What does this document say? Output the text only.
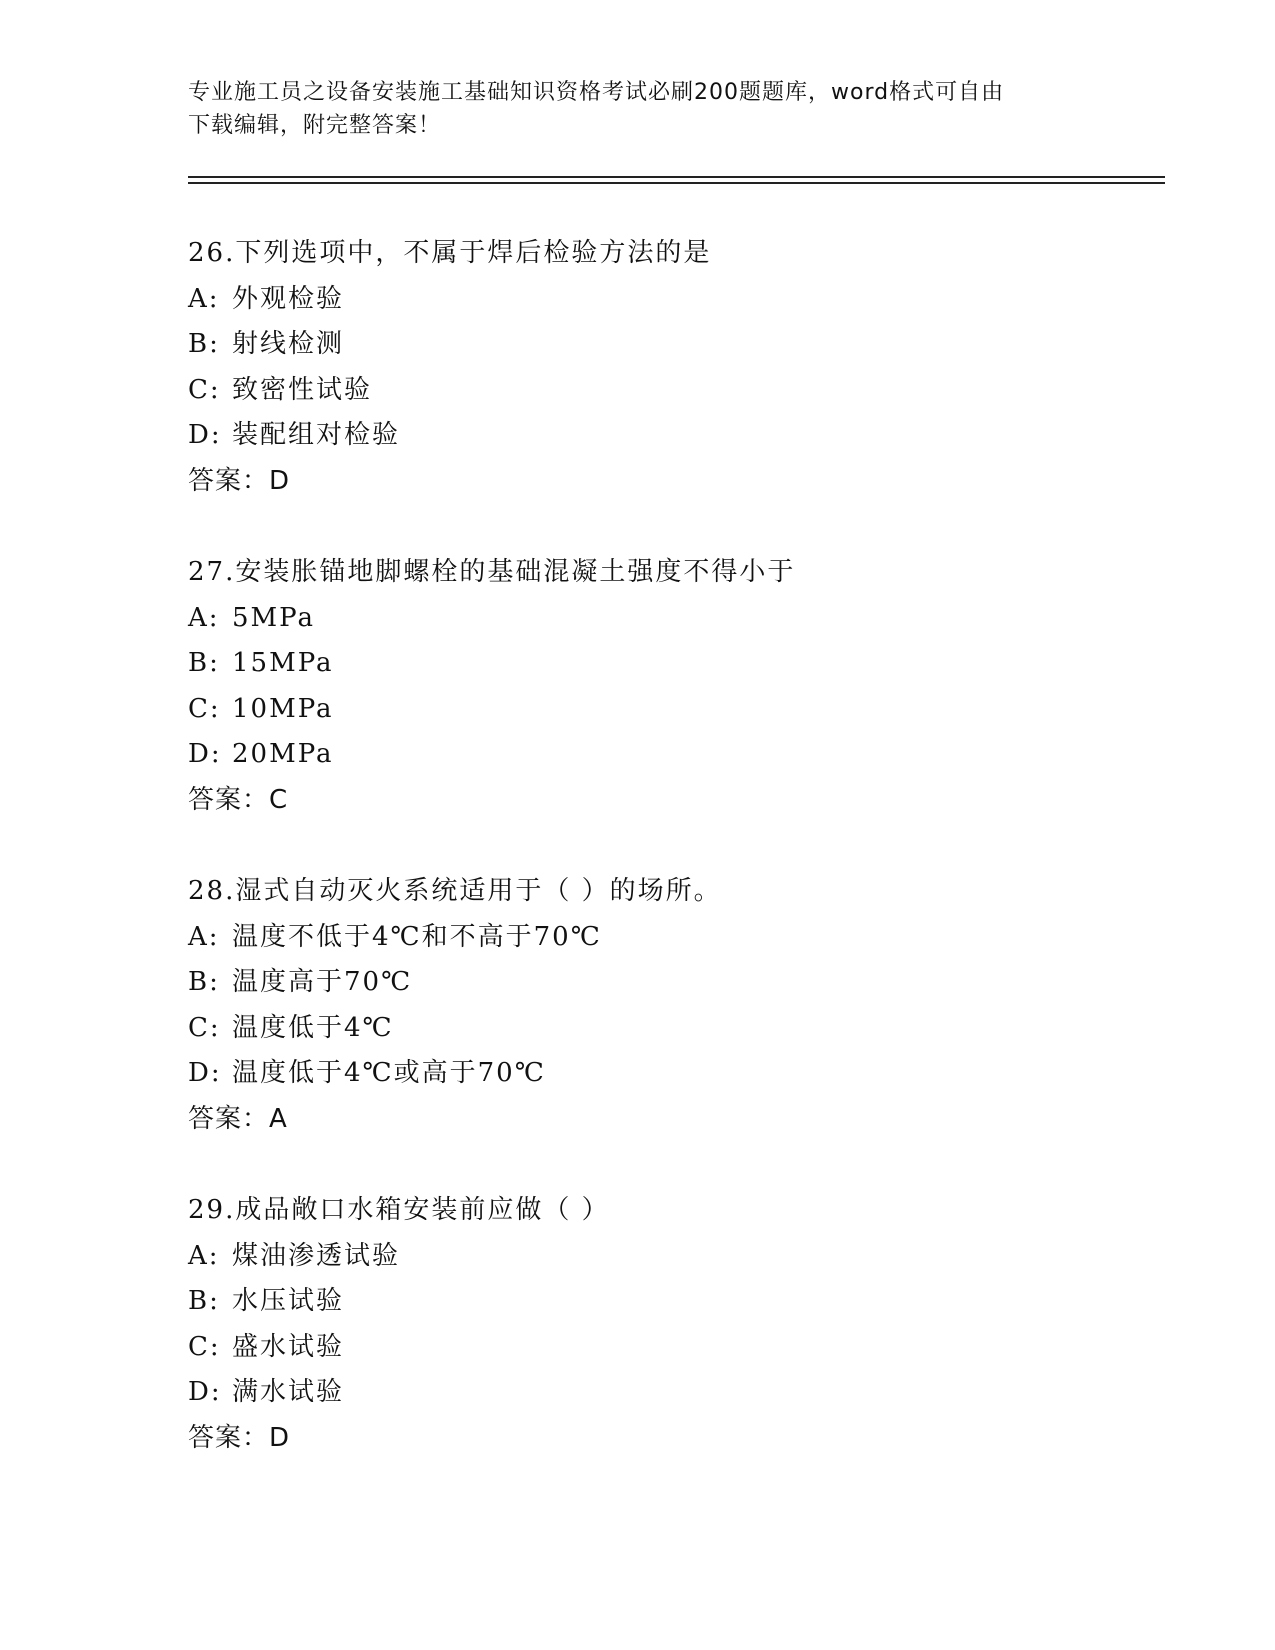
专业施工员之设备安装施工基础知识资格考试必刷200题题库，word格式可自由
下载编辑，附完整答案！
26.下列选项中，不属于焊后检验方法的是
A: 外观检验
B: 射线检测
C: 致密性试验
D: 装配组对检验
答案：D
27.安装胀锚地脚螺栓的基础混凝土强度不得小于
A: 5MPa
B: 15MPa
C: 10MPa
D: 20MPa
答案：C
28.湿式自动灭火系统适用于（ ）的场所。
A: 温度不低于4℃和不高于70℃
B: 温度高于70℃
C: 温度低于4℃
D: 温度低于4℃或高于70℃
答案：A
29.成品敞口水箱安装前应做（ ）
A: 煤油渗透试验
B: 水压试验
C: 盛水试验
D: 满水试验
答案：D
